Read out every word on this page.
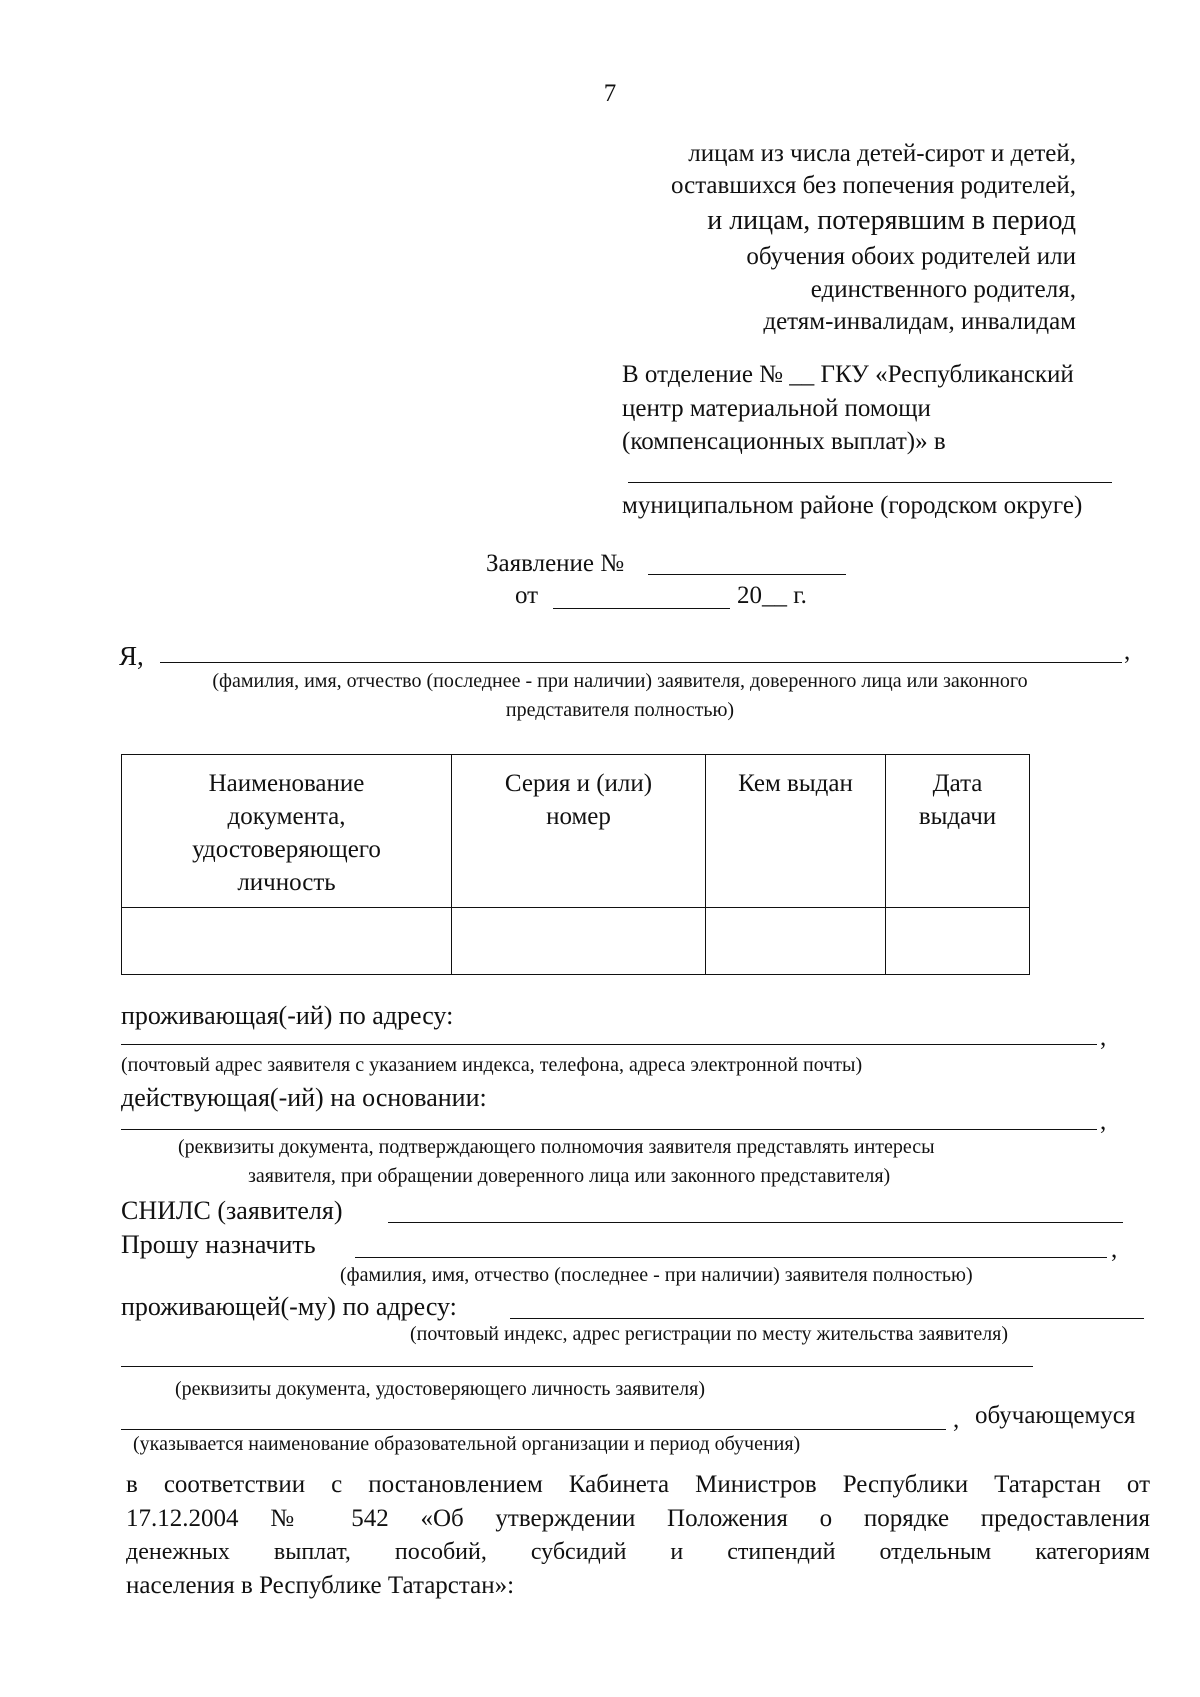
7
лицам из числа детей-сирот и детей,
оставшихся без попечения родителей,
и лицам, потерявшим в период
обучения обоих родителей или
единственного родителя,
детям-инвалидам, инвалидам
В отделение № __ ГКУ «Республиканский
центр материальной помощи
(компенсационных выплат)» в
муниципальном районе (городском округе)
Заявление №
от	20__ г.
Я,	,
(фамилия, имя, отчество (последнее - при наличии) заявителя, доверенного лица или законного
представителя полностью)
Наименование документа, удостоверяющего личность	Серия и (или) номер	Кем выдан	Дата выдачи

проживающая(-ий) по адресу:
,
(почтовый адрес заявителя с указанием индекса, телефона, адреса электронной почты)
действующая(-ий) на основании:
,
(реквизиты документа, подтверждающего полномочия заявителя представлять интересы
заявителя, при обращении доверенного лица или законного представителя)
СНИЛС (заявителя)
Прошу назначить	,
(фамилия, имя, отчество (последнее - при наличии) заявителя полностью)
проживающей(-му) по адресу:
(почтовый индекс, адрес регистрации по месту жительства заявителя)
(реквизиты документа, удостоверяющего личность заявителя)
, обучающемуся
(указывается наименование образовательной организации и период обучения)
в соответствии с постановлением Кабинета Министров Республики Татарстан от
17.12.2004 № 542 «Об утверждении Положения о порядке предоставления
денежных выплат, пособий, субсидий и стипендий отдельным категориям
населения в Республике Татарстан»:
